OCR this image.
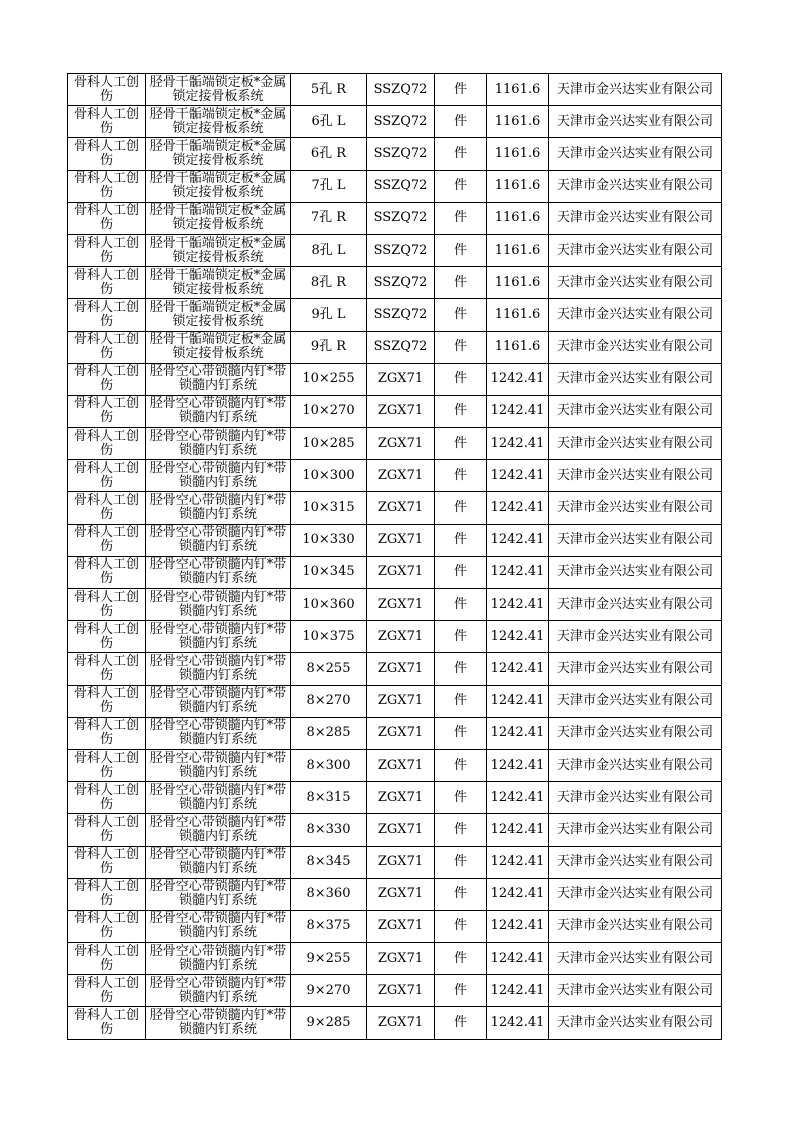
骨科人工创伤	胫骨干骺端锁定板*金属锁定接骨板系统	5孔 R	SSZQ72	件	1161.6	天津市金兴达实业有限公司
骨科人工创伤	胫骨干骺端锁定板*金属锁定接骨板系统	6孔 L	SSZQ72	件	1161.6	天津市金兴达实业有限公司
骨科人工创伤	胫骨干骺端锁定板*金属锁定接骨板系统	6孔 R	SSZQ72	件	1161.6	天津市金兴达实业有限公司
骨科人工创伤	胫骨干骺端锁定板*金属锁定接骨板系统	7孔 L	SSZQ72	件	1161.6	天津市金兴达实业有限公司
骨科人工创伤	胫骨干骺端锁定板*金属锁定接骨板系统	7孔 R	SSZQ72	件	1161.6	天津市金兴达实业有限公司
骨科人工创伤	胫骨干骺端锁定板*金属锁定接骨板系统	8孔 L	SSZQ72	件	1161.6	天津市金兴达实业有限公司
骨科人工创伤	胫骨干骺端锁定板*金属锁定接骨板系统	8孔 R	SSZQ72	件	1161.6	天津市金兴达实业有限公司
骨科人工创伤	胫骨干骺端锁定板*金属锁定接骨板系统	9孔 L	SSZQ72	件	1161.6	天津市金兴达实业有限公司
骨科人工创伤	胫骨干骺端锁定板*金属锁定接骨板系统	9孔 R	SSZQ72	件	1161.6	天津市金兴达实业有限公司
骨科人工创伤	胫骨空心带锁髓内钉*带锁髓内钉系统	10×255	ZGX71	件	1242.41	天津市金兴达实业有限公司
骨科人工创伤	胫骨空心带锁髓内钉*带锁髓内钉系统	10×270	ZGX71	件	1242.41	天津市金兴达实业有限公司
骨科人工创伤	胫骨空心带锁髓内钉*带锁髓内钉系统	10×285	ZGX71	件	1242.41	天津市金兴达实业有限公司
骨科人工创伤	胫骨空心带锁髓内钉*带锁髓内钉系统	10×300	ZGX71	件	1242.41	天津市金兴达实业有限公司
骨科人工创伤	胫骨空心带锁髓内钉*带锁髓内钉系统	10×315	ZGX71	件	1242.41	天津市金兴达实业有限公司
骨科人工创伤	胫骨空心带锁髓内钉*带锁髓内钉系统	10×330	ZGX71	件	1242.41	天津市金兴达实业有限公司
骨科人工创伤	胫骨空心带锁髓内钉*带锁髓内钉系统	10×345	ZGX71	件	1242.41	天津市金兴达实业有限公司
骨科人工创伤	胫骨空心带锁髓内钉*带锁髓内钉系统	10×360	ZGX71	件	1242.41	天津市金兴达实业有限公司
骨科人工创伤	胫骨空心带锁髓内钉*带锁髓内钉系统	10×375	ZGX71	件	1242.41	天津市金兴达实业有限公司
骨科人工创伤	胫骨空心带锁髓内钉*带锁髓内钉系统	8×255	ZGX71	件	1242.41	天津市金兴达实业有限公司
骨科人工创伤	胫骨空心带锁髓内钉*带锁髓内钉系统	8×270	ZGX71	件	1242.41	天津市金兴达实业有限公司
骨科人工创伤	胫骨空心带锁髓内钉*带锁髓内钉系统	8×285	ZGX71	件	1242.41	天津市金兴达实业有限公司
骨科人工创伤	胫骨空心带锁髓内钉*带锁髓内钉系统	8×300	ZGX71	件	1242.41	天津市金兴达实业有限公司
骨科人工创伤	胫骨空心带锁髓内钉*带锁髓内钉系统	8×315	ZGX71	件	1242.41	天津市金兴达实业有限公司
骨科人工创伤	胫骨空心带锁髓内钉*带锁髓内钉系统	8×330	ZGX71	件	1242.41	天津市金兴达实业有限公司
骨科人工创伤	胫骨空心带锁髓内钉*带锁髓内钉系统	8×345	ZGX71	件	1242.41	天津市金兴达实业有限公司
骨科人工创伤	胫骨空心带锁髓内钉*带锁髓内钉系统	8×360	ZGX71	件	1242.41	天津市金兴达实业有限公司
骨科人工创伤	胫骨空心带锁髓内钉*带锁髓内钉系统	8×375	ZGX71	件	1242.41	天津市金兴达实业有限公司
骨科人工创伤	胫骨空心带锁髓内钉*带锁髓内钉系统	9×255	ZGX71	件	1242.41	天津市金兴达实业有限公司
骨科人工创伤	胫骨空心带锁髓内钉*带锁髓内钉系统	9×270	ZGX71	件	1242.41	天津市金兴达实业有限公司
骨科人工创伤	胫骨空心带锁髓内钉*带锁髓内钉系统	9×285	ZGX71	件	1242.41	天津市金兴达实业有限公司
